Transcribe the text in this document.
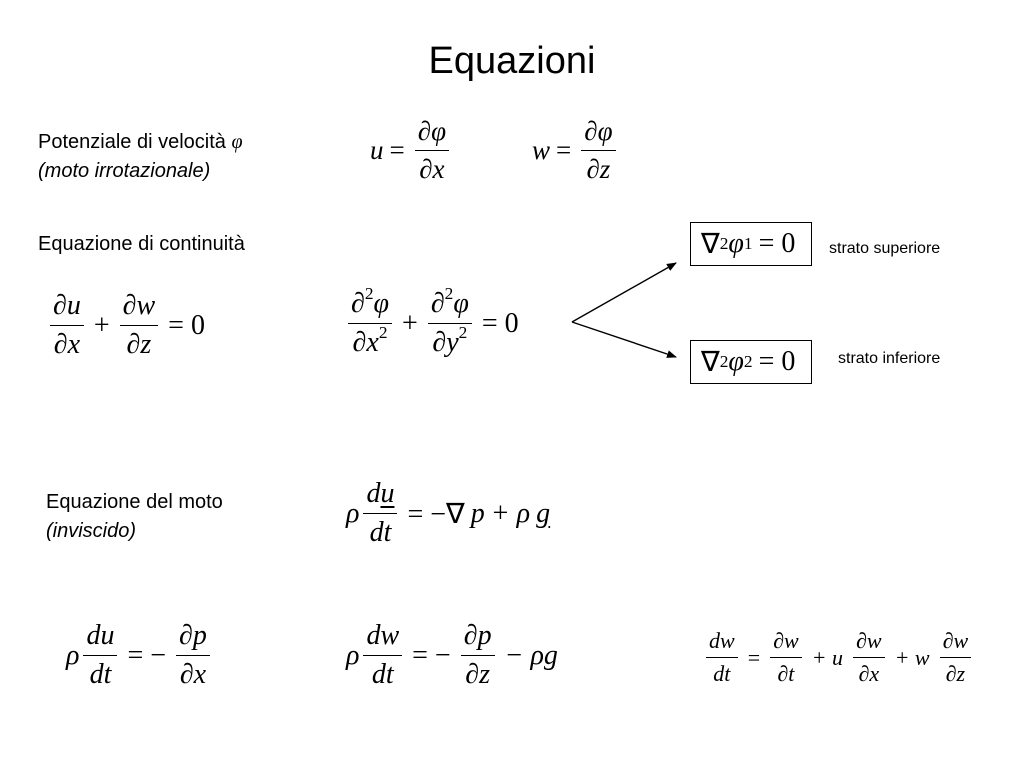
Equazioni
Potenziale di velocità φ
(moto irrotazionale)
$u = \frac{\partial\varphi}{\partial x}$	$w = \frac{\partial\varphi}{\partial z}$
Equazione di continuità
$\frac{\partial u}{\partial x} + \frac{\partial w}{\partial z} = 0$	$\frac{\partial^2\varphi}{\partial x^2} + \frac{\partial^2\varphi}{\partial y^2} = 0$
∇ 2 φ 1 = 0 strato superiore
∇ 2 φ 2 = 0	strato inferiore
Equazione del moto
(inviscido)
ρ $\frac{du}{dt}$ = −∇ p + ρ g
ρ $\frac{du}{dt}$ = − $\frac{\partial p}{\partial x}$	ρ $\frac{dw}{dt}$ = − $\frac{\partial p}{\partial z} - \rho g$	$\frac{dw}{dt} = \frac{\partial w}{\partial t} + u \frac{\partial w}{\partial x} + w \frac{\partial w}{\partial z}$
